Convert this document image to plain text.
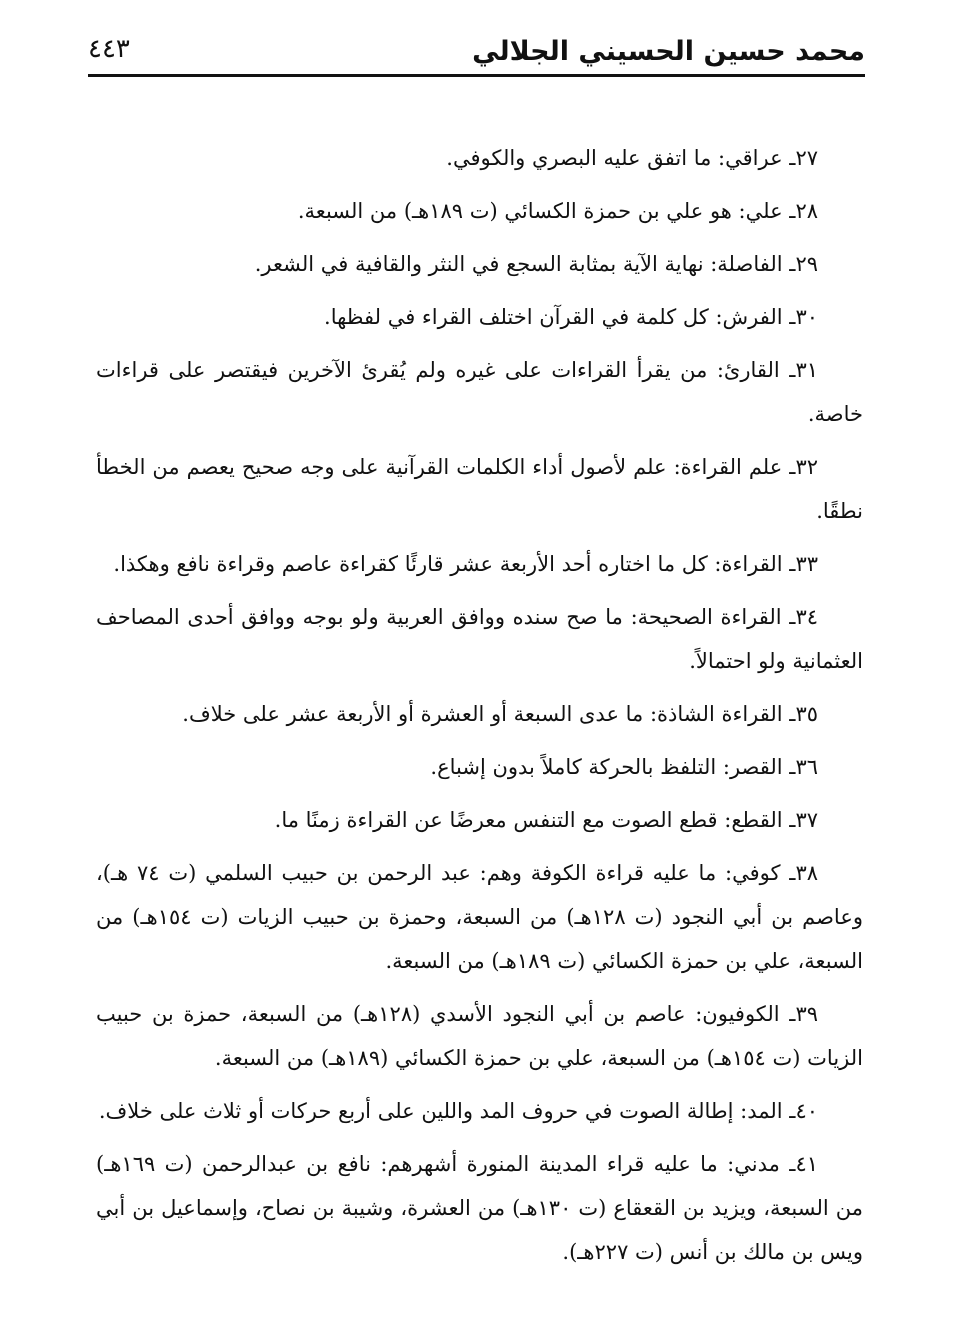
محمد حسين الحسيني الجلالي
٤٤٣

٢٧ـ عراقي: ما اتفق عليه البصري والكوفي.

٢٨ـ علي: هو علي بن حمزة الكسائي (ت ١٨٩هـ) من السبعة.

٢٩ـ الفاصلة: نهاية الآية بمثابة السجع في النثر والقافية في الشعر.

٣٠ـ الفرش: كل كلمة في القرآن اختلف القراء في لفظها.

٣١ـ القارئ: من يقرأ القراءات على غيره ولم يُقرئ الآخرين فيقتصر على قراءات خاصة.

٣٢ـ علم القراءة: علم لأصول أداء الكلمات القرآنية على وجه صحيح يعصم من الخطأ نطقًا.

٣٣ـ القراءة: كل ما اختاره أحد الأربعة عشر قارئًا كقراءة عاصم وقراءة نافع وهكذا.

٣٤ـ القراءة الصحيحة: ما صح سنده ووافق العربية ولو بوجه ووافق أحدى المصاحف العثمانية ولو احتمالاً.

٣٥ـ القراءة الشاذة: ما عدى السبعة أو العشرة أو الأربعة عشر على خلاف.

٣٦ـ القصر: التلفظ بالحركة كاملاً بدون إشباع.

٣٧ـ القطع: قطع الصوت مع التنفس معرضًا عن القراءة زمنًا ما.

٣٨ـ كوفي: ما عليه قراءة الكوفة وهم: عبد الرحمن بن حبيب السلمي (ت ٧٤ هـ)، وعاصم بن أبي النجود (ت ١٢٨هـ) من السبعة، وحمزة بن حبيب الزيات (ت ١٥٤هـ) من السبعة، علي بن حمزة الكسائي (ت ١٨٩هـ) من السبعة.

٣٩ـ الكوفيون: عاصم بن أبي النجود الأسدي (١٢٨هـ) من السبعة، حمزة بن حبيب الزيات (ت ١٥٤هـ) من السبعة، علي بن حمزة الكسائي (١٨٩هـ) من السبعة.

٤٠ـ المد: إطالة الصوت في حروف المد واللين على أربع حركات أو ثلاث على خلاف.

٤١ـ مدني: ما عليه قراء المدينة المنورة أشهرهم: نافع بن عبدالرحمن (ت ١٦٩هـ) من السبعة، ويزيد بن القعقاع (ت ١٣٠هـ) من العشرة، وشيبة بن نصاح، وإسماعيل بن أبي ويس بن مالك بن أنس (ت ٢٢٧هـ).
